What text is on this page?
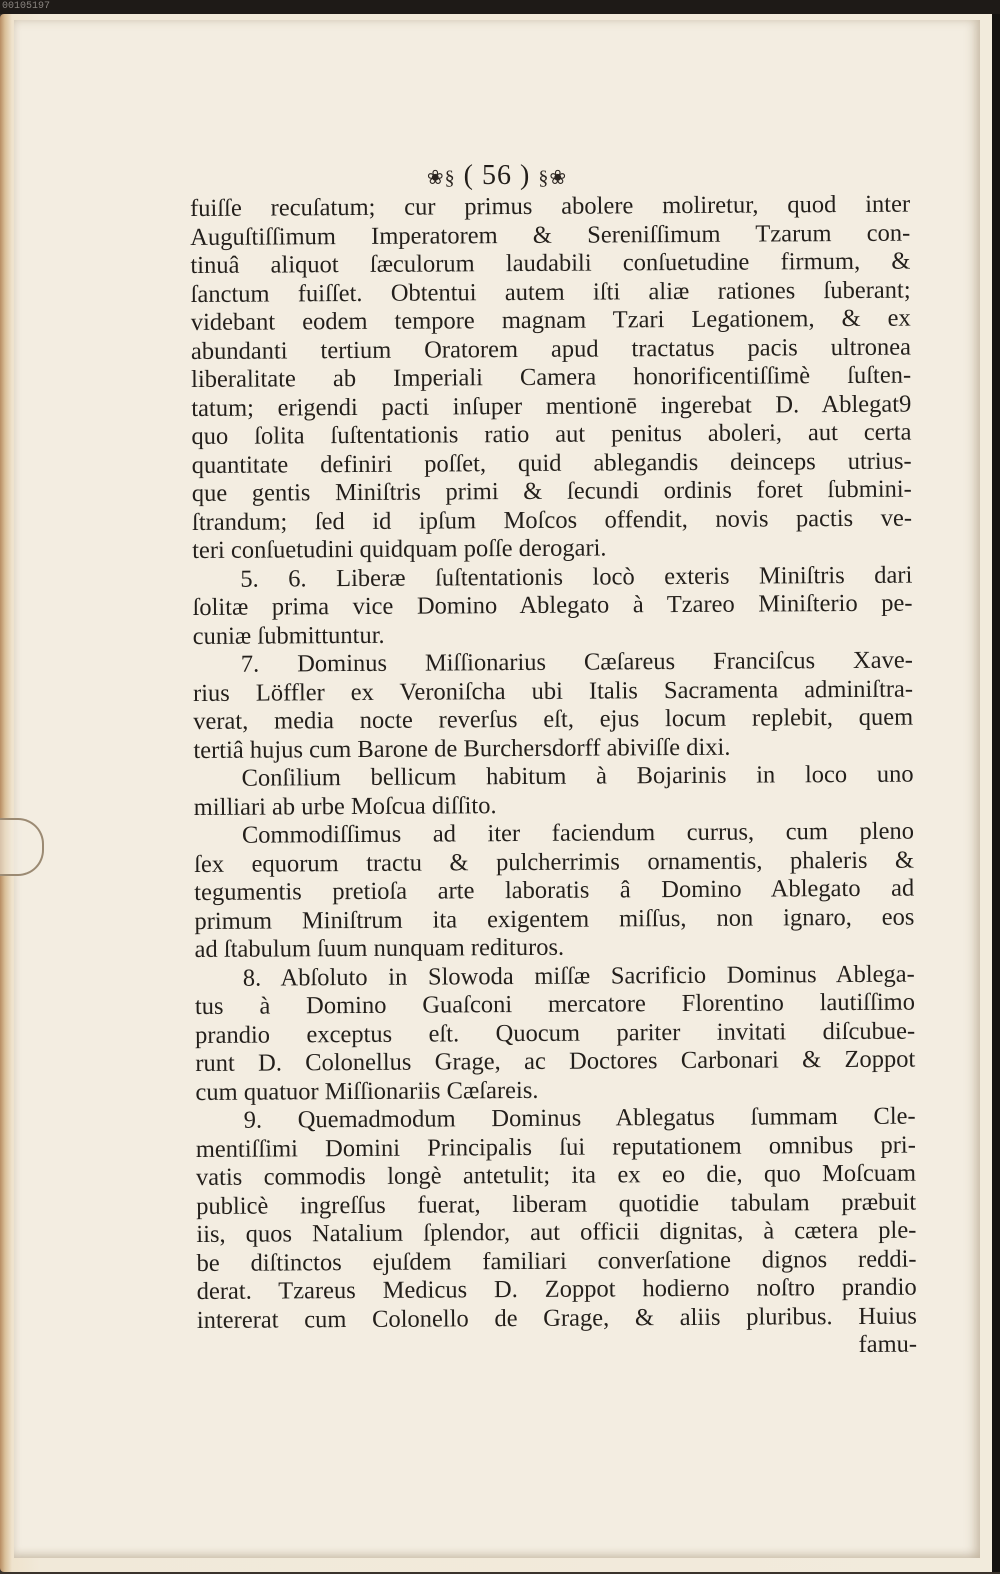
00105197
❀§ ( 56 ) §❀
fuiſſe recuſatum; cur primus abolere moliretur, quod inter
Auguſtiſſimum Imperatorem & Sereniſſimum Tzarum con-
tinuâ aliquot ſæculorum laudabili conſuetudine firmum, &
ſanctum fuiſſet. Obtentui autem iſti aliæ rationes ſuberant;
videbant eodem tempore magnam Tzari Legationem, & ex
abundanti tertium Oratorem apud tractatus pacis ultronea
liberalitate ab Imperiali Camera honorificentiſſimè ſuſten-
tatum; erigendi pacti inſuper mentionē ingerebat D. Ablegat9
quo ſolita ſuſtentationis ratio aut penitus aboleri, aut certa
quantitate definiri poſſet, quid ablegandis deinceps utrius-
que gentis Miniſtris primi & ſecundi ordinis foret ſubmini-
ſtrandum; ſed id ipſum Moſcos offendit, novis pactis ve-
teri conſuetudini quidquam poſſe derogari.
5. 6. Liberæ ſuſtentationis locò exteris Miniſtris dari
ſolitæ prima vice Domino Ablegato à Tzareo Miniſterio pe-
cuniæ ſubmittuntur.
7. Dominus Miſſionarius Cæſareus Franciſcus Xave-
rius Löffler ex Veroniſcha ubi Italis Sacramenta adminiſtra-
verat, media nocte reverſus eſt, ejus locum replebit, quem
tertiâ hujus cum Barone de Burchersdorff abiviſſe dixi.
Conſilium bellicum habitum à Bojarinis in loco uno
milliari ab urbe Moſcua diſſito.
Commodiſſimus ad iter faciendum currus, cum pleno
ſex equorum tractu & pulcherrimis ornamentis, phaleris &
tegumentis pretioſa arte laboratis â Domino Ablegato ad
primum Miniſtrum ita exigentem miſſus, non ignaro, eos
ad ſtabulum ſuum nunquam redituros.
8. Abſoluto in Slowoda miſſæ Sacrificio Dominus Ablega-
tus à Domino Guaſconi mercatore Florentino lautiſſimo
prandio exceptus eſt. Quocum pariter invitati diſcubue-
runt D. Colonellus Grage, ac Doctores Carbonari & Zoppot
cum quatuor Miſſionariis Cæſareis.
9. Quemadmodum Dominus Ablegatus ſummam Cle-
mentiſſimi Domini Principalis ſui reputationem omnibus pri-
vatis commodis longè antetulit; ita ex eo die, quo Moſcuam
publicè ingreſſus fuerat, liberam quotidie tabulam præbuit
iis, quos Natalium ſplendor, aut officii dignitas, à cætera ple-
be diſtinctos ejuſdem familiari converſatione dignos reddi-
derat. Tzareus Medicus D. Zoppot hodierno noſtro prandio
intererat cum Colonello de Grage, & aliis pluribus. Huius
famu-
